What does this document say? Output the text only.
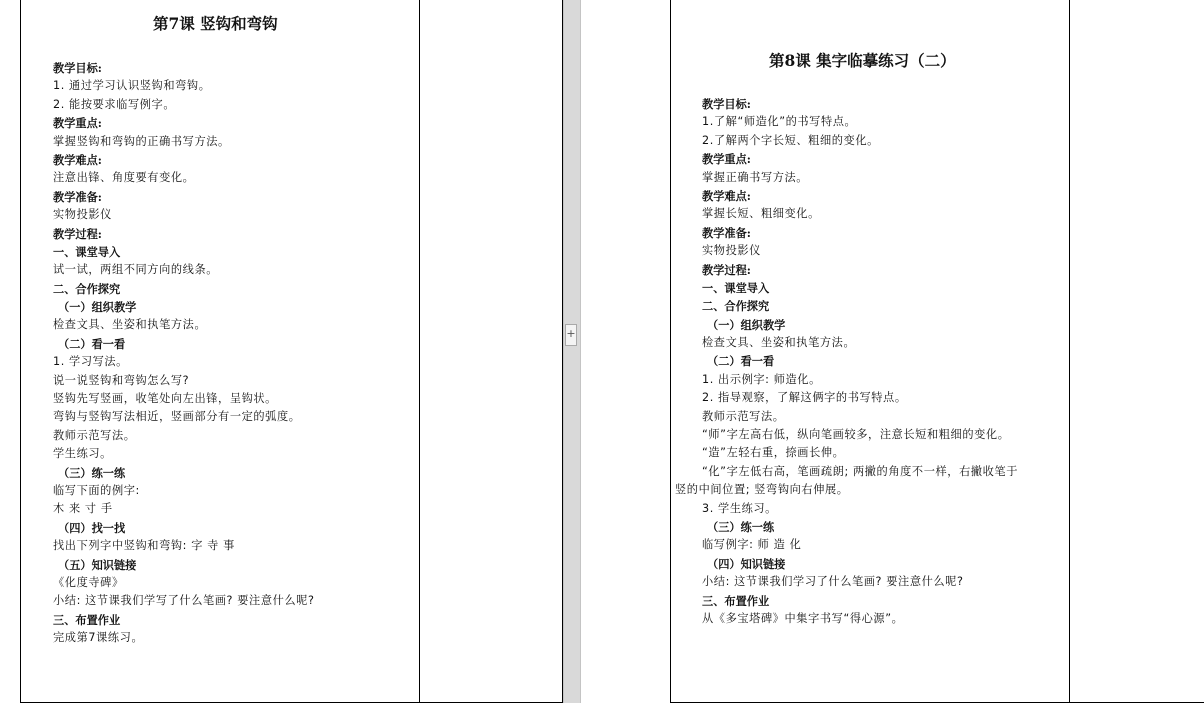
+
第7课 竖钩和弯钩
教学目标:
1. 通过学习认识竖钩和弯钩。
2. 能按要求临写例字。
教学重点:
掌握竖钩和弯钩的正确书写方法。
教学难点:
注意出锋、角度要有变化。
教学准备:
实物投影仪
教学过程:
一、课堂导入
试一试，两组不同方向的线条。
二、合作探究
（一）组织教学
检查文具、坐姿和执笔方法。
（二）看一看
1. 学习写法。
说一说竖钩和弯钩怎么写?
竖钩先写竖画，收笔处向左出锋，呈钩状。
弯钩与竖钩写法相近，竖画部分有一定的弧度。
教师示范写法。
学生练习。
（三）练一练
临写下面的例字:
木 来 寸 手
（四）找一找
找出下列字中竖钩和弯钩: 字 寺 事
（五）知识链接
《化度寺碑》
小结: 这节课我们学写了什么笔画? 要注意什么呢?
三、布置作业
完成第7课练习。
第8课 集字临摹练习（二）
教学目标:
1.了解“师造化”的书写特点。
2.了解两个字长短、粗细的变化。
教学重点:
掌握正确书写方法。
教学难点:
掌握长短、粗细变化。
教学准备:
实物投影仪
教学过程:
一、课堂导入
二、合作探究
（一）组织教学
检查文具、坐姿和执笔方法。
（二）看一看
1. 出示例字: 师造化。
2. 指导观察，了解这俩字的书写特点。
教师示范写法。
“师”字左高右低，纵向笔画较多，注意长短和粗细的变化。
“造”左轻右重，捺画长伸。
“化”字左低右高，笔画疏朗; 两撇的角度不一样，右撇收笔于
竖的中间位置; 竖弯钩向右伸展。
3. 学生练习。
（三）练一练
临写例字: 师 造 化
（四）知识链接
小结: 这节课我们学习了什么笔画? 要注意什么呢?
三、布置作业
从《多宝塔碑》中集字书写“得心源”。
